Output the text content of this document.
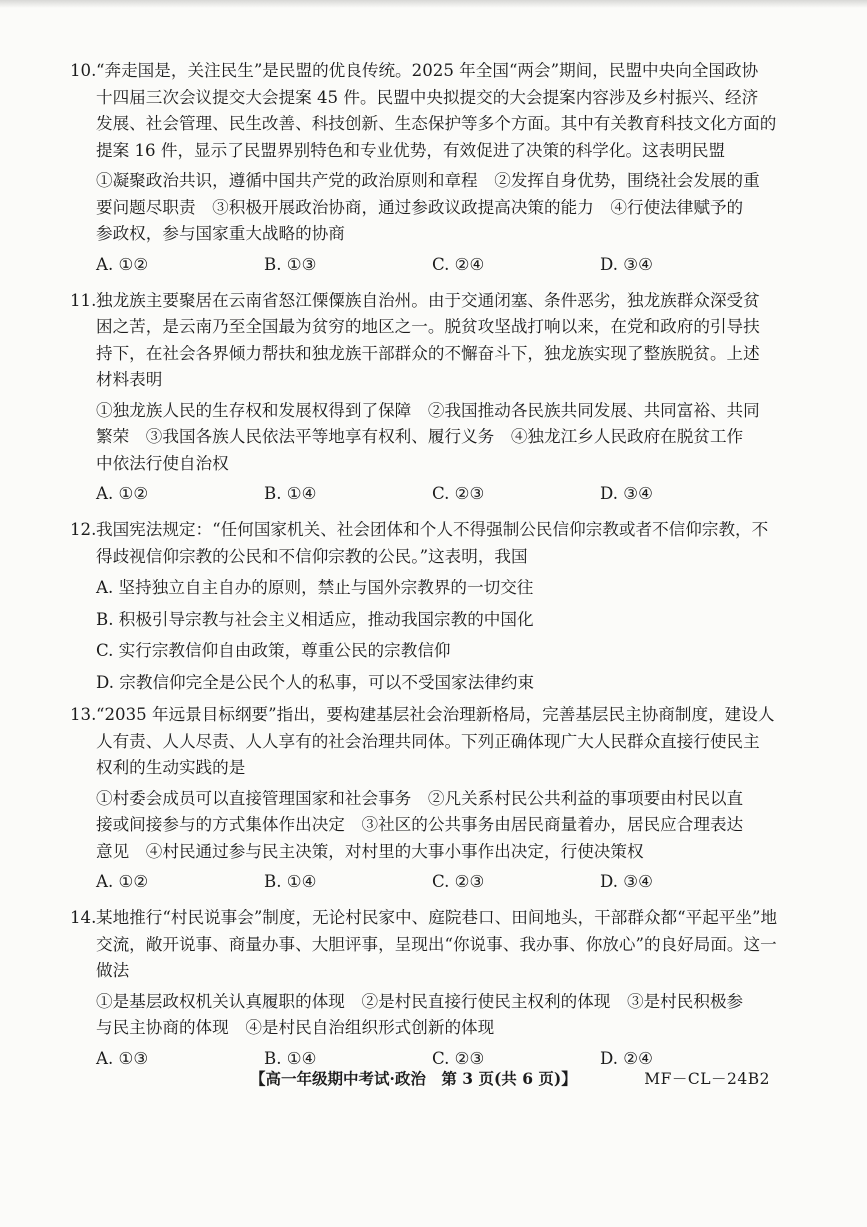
10.“奔走国是，关注民生”是民盟的优良传统。2025 年全国“两会”期间，民盟中央向全国政协
十四届三次会议提交大会提案 45 件。民盟中央拟提交的大会提案内容涉及乡村振兴、经济
发展、社会管理、民生改善、科技创新、生态保护等多个方面。其中有关教育科技文化方面的
提案 16 件，显示了民盟界别特色和专业优势，有效促进了决策的科学化。这表明民盟
①凝聚政治共识，遵循中国共产党的政治原则和章程　②发挥自身优势，围绕社会发展的重
要问题尽职责　③积极开展政治协商，通过参政议政提高决策的能力　④行使法律赋予的
参政权，参与国家重大战略的协商
A. ①②	B. ①③	C. ②④	D. ③④
11.独龙族主要聚居在云南省怒江傈僳族自治州。由于交通闭塞、条件恶劣，独龙族群众深受贫
困之苦，是云南乃至全国最为贫穷的地区之一。脱贫攻坚战打响以来，在党和政府的引导扶
持下，在社会各界倾力帮扶和独龙族干部群众的不懈奋斗下，独龙族实现了整族脱贫。上述
材料表明
①独龙族人民的生存权和发展权得到了保障　②我国推动各民族共同发展、共同富裕、共同
繁荣　③我国各族人民依法平等地享有权利、履行义务　④独龙江乡人民政府在脱贫工作
中依法行使自治权
A. ①②	B. ①④	C. ②③	D. ③④
12.我国宪法规定：“任何国家机关、社会团体和个人不得强制公民信仰宗教或者不信仰宗教，不
得歧视信仰宗教的公民和不信仰宗教的公民。”这表明，我国
A. 坚持独立自主自办的原则，禁止与国外宗教界的一切交往
B. 积极引导宗教与社会主义相适应，推动我国宗教的中国化
C. 实行宗教信仰自由政策，尊重公民的宗教信仰
D. 宗教信仰完全是公民个人的私事，可以不受国家法律约束
13.“2035 年远景目标纲要”指出，要构建基层社会治理新格局，完善基层民主协商制度，建设人
人有责、人人尽责、人人享有的社会治理共同体。下列正确体现广大人民群众直接行使民主
权利的生动实践的是
①村委会成员可以直接管理国家和社会事务　②凡关系村民公共利益的事项要由村民以直
接或间接参与的方式集体作出决定　③社区的公共事务由居民商量着办，居民应合理表达
意见　④村民通过参与民主决策，对村里的大事小事作出决定，行使决策权
A. ①②	B. ①④	C. ②③	D. ③④
14.某地推行“村民说事会”制度，无论村民家中、庭院巷口、田间地头，干部群众都“平起平坐”地
交流，敞开说事、商量办事、大胆评事，呈现出“你说事、我办事、你放心”的良好局面。这一
做法
①是基层政权机关认真履职的体现　②是村民直接行使民主权利的体现　③是村民积极参
与民主协商的体现　④是村民自治组织形式创新的体现
A. ①③	B. ①④	C. ②③	D. ②④
【高一年级期中考试·政治　第 3 页(共 6 页)】	MF－CL－24B2
